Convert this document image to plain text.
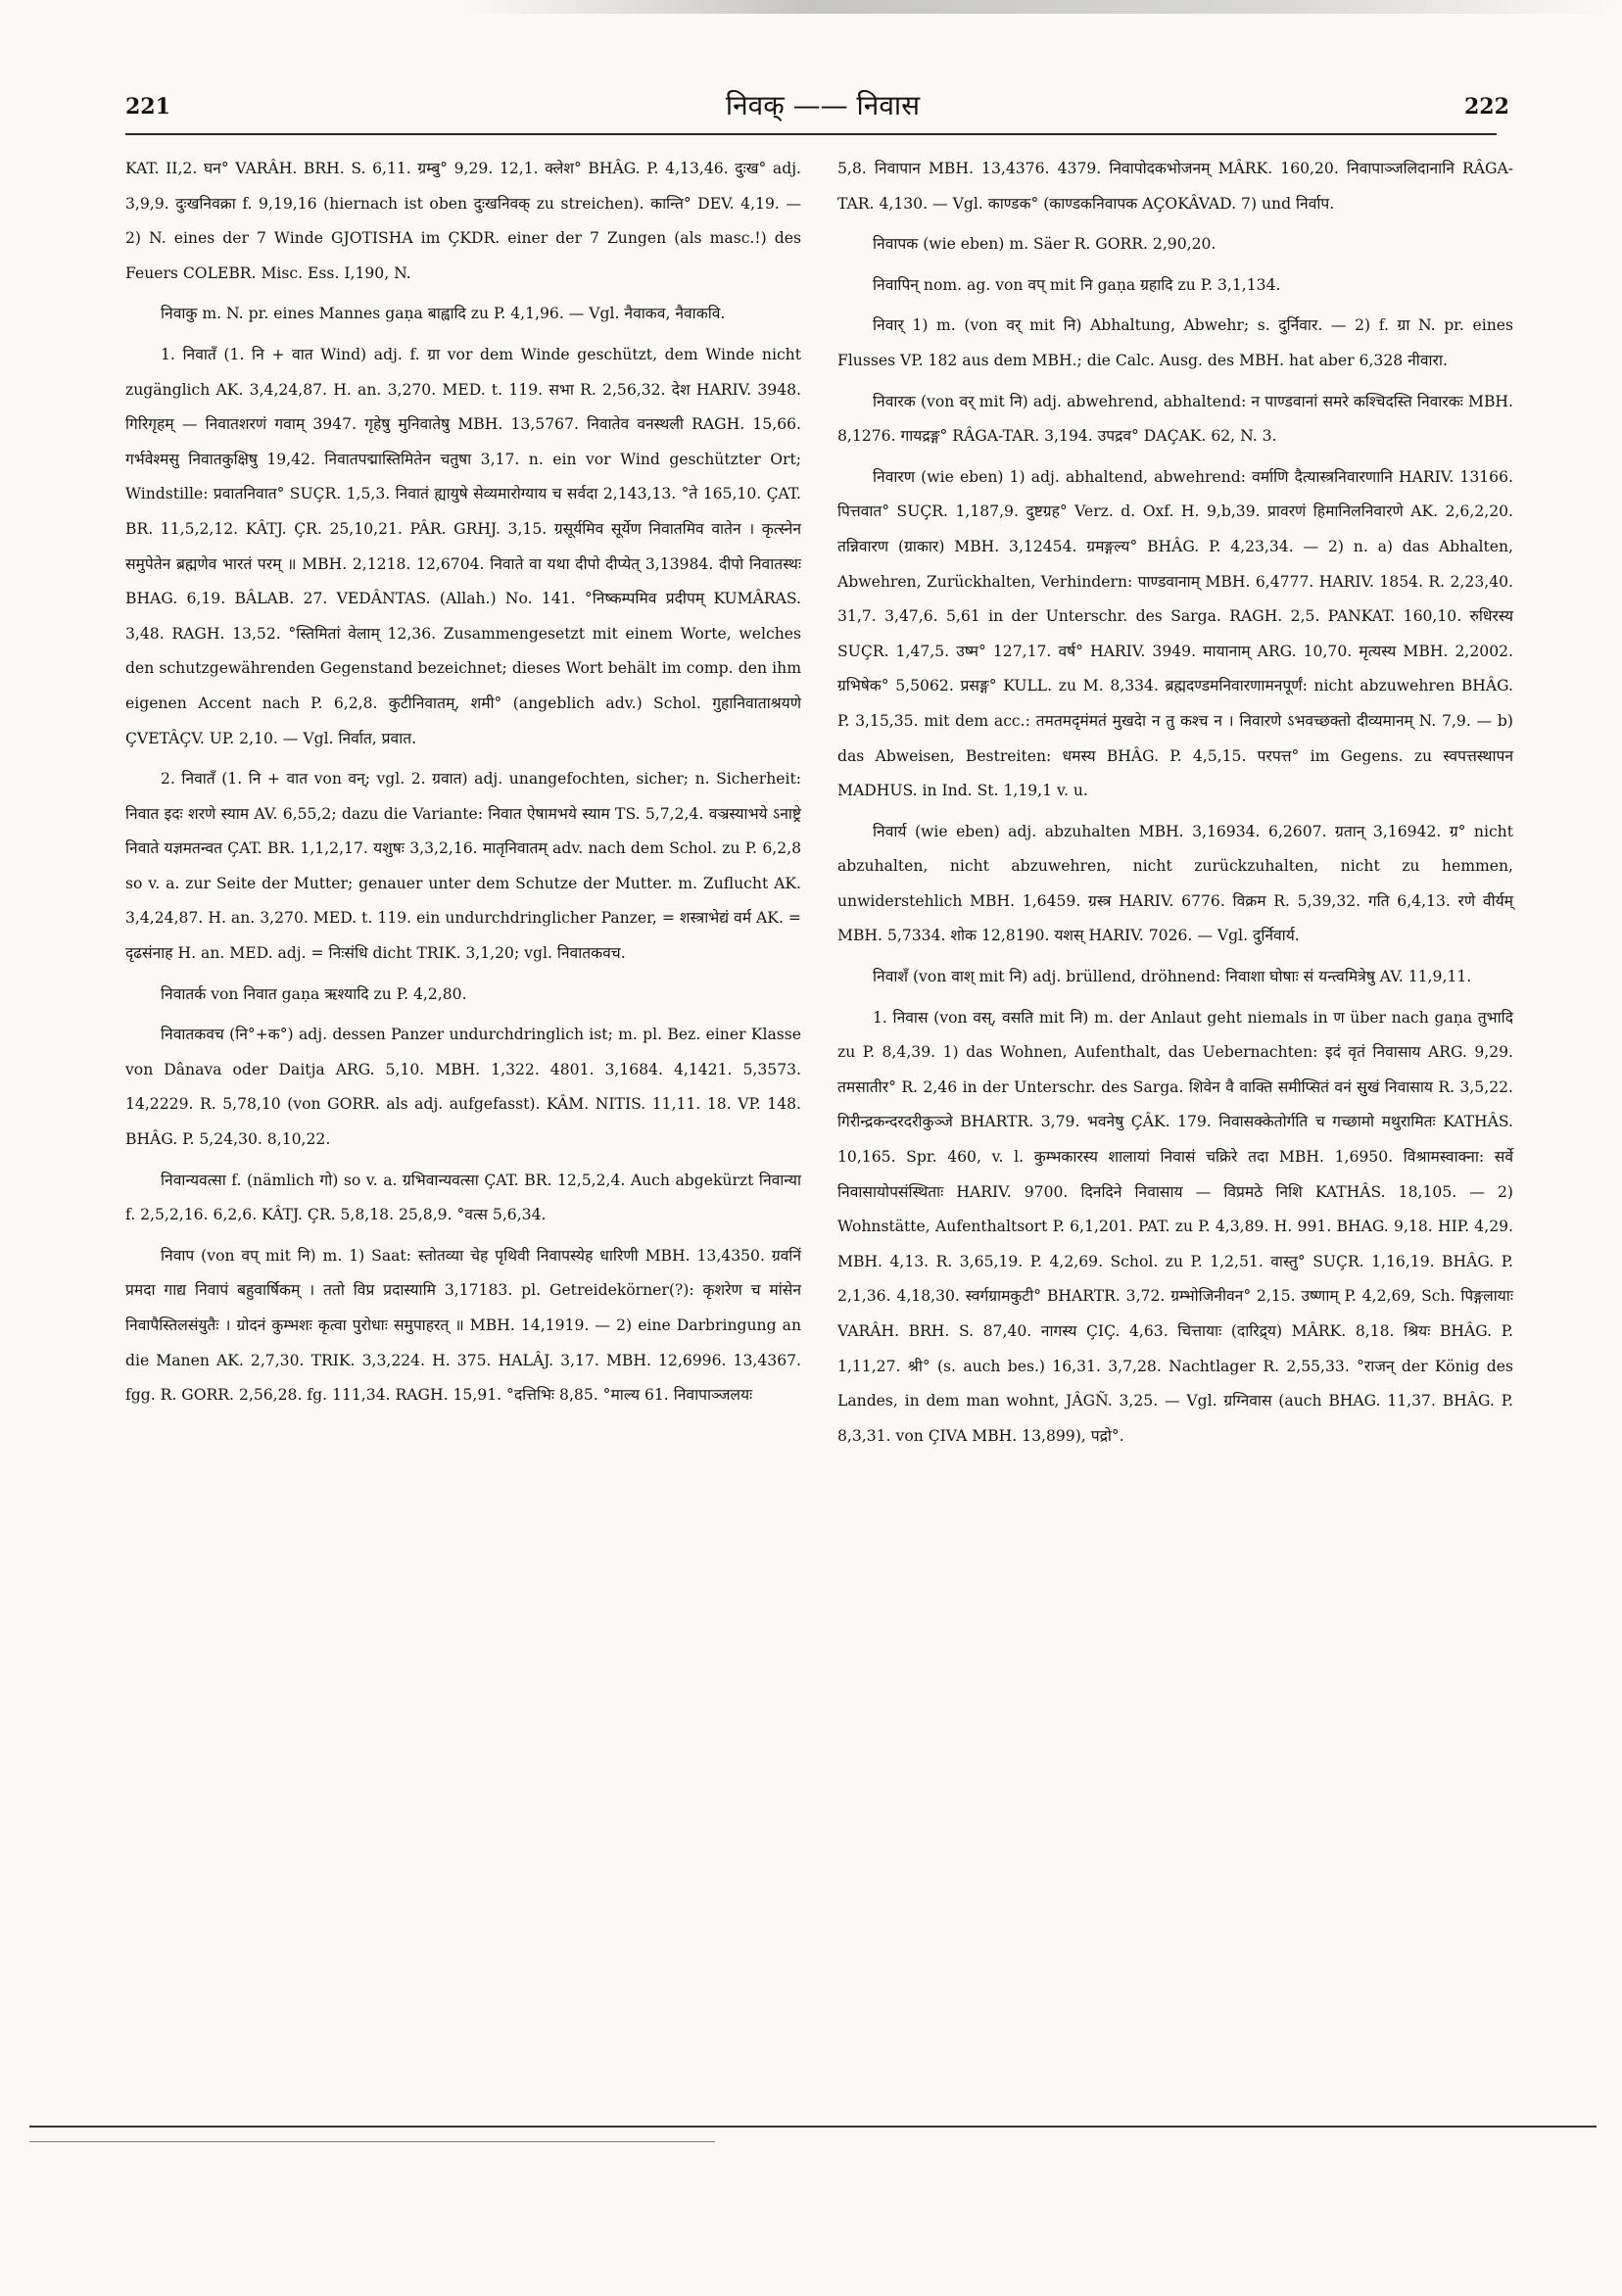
221	निवक् —— निवास	222

KAT. II,2. घन° VARÂH. BRH. S. 6,11. ग्रम्बु° 9,29. 12,1. क्लेश° BHÂG. P. 4,13,46. दुःख° adj. 3,9,9. दुःखनिवक्रा f. 9,19,16 (hiernach ist oben दुःखनिवक् zu streichen). कान्ति° DEV. 4,19. — 2) N. eines der 7 Winde GJOTISHA im ÇKDR. einer der 7 Zungen (als masc.!) des Feuers COLEBR. Misc. Ess. I,190, N.

निवाकु m. N. pr. eines Mannes gaṇa बाह्वादि zu P. 4,1,96. — Vgl. नैवाकव, नैवाकवि.

1. निवातँ (1. नि + वात Wind) adj. f. ग्रा vor dem Winde geschützt, dem Winde nicht zugänglich AK. 3,4,24,87. H. an. 3,270. MED. t. 119. सभा R. 2,56,32. देश HARIV. 3948. गिरिगृहम् — निवातशरणं गवाम् 3947. गृहेषु मुनिवातेषु MBH. 13,5767. निवातेव वनस्थली RAGH. 15,66. गर्भवेश्मसु निवातकुक्षिषु 19,42. निवातपद्मास्तिमितेन चतुषा 3,17. n. ein vor Wind geschützter Ort; Windstille: प्रवातनिवात° SUÇR. 1,5,3. निवातं ह्यायुषे सेव्यमारोग्याय च सर्वदा 2,143,13. °ते 165,10. ÇAT. BR. 11,5,2,12. KÂTJ. ÇR. 25,10,21. PÂR. GRHJ. 3,15. ग्रसूर्यमिव सूर्येण निवातमिव वातेन । कृत्स्नेन समुपेतेन ब्रह्मणेव भारतं परम् ॥ MBH. 2,1218. 12,6704. निवाते वा यथा दीपो दीप्येत् 3,13984. दीपो निवातस्थः BHAG. 6,19. BÂLAB. 27. VEDÂNTAS. (Allah.) No. 141. °निष्कम्पमिव प्रदीपम् KUMÂRAS. 3,48. RAGH. 13,52. °स्तिमितां वेलाम् 12,36. Zusammengesetzt mit einem Worte, welches den schutzgewährenden Gegenstand bezeichnet; dieses Wort behält im comp. den ihm eigenen Accent nach P. 6,2,8. कुटीनिवातम्, शमी° (angeblich adv.) Schol. गुहानिवाताश्रयणे ÇVETÂÇV. UP. 2,10. — Vgl. निर्वात, प्रवात.

2. निवातँ (1. नि + वात von वन्; vgl. 2. ग्रवात) adj. unangefochten, sicher; n. Sicherheit: निवात इदः शरणे स्याम AV. 6,55,2; dazu die Variante: निवात ऐषामभये स्याम TS. 5,7,2,4. वञ्रस्याभये ऽनाष्ट्रे निवाते यज्ञमतन्वत ÇAT. BR. 1,1,2,17. यशुषः 3,3,2,16. मातृनिवातम् adv. nach dem Schol. zu P. 6,2,8 so v. a. zur Seite der Mutter; genauer unter dem Schutze der Mutter. m. Zuflucht AK. 3,4,24,87. H. an. 3,270. MED. t. 119. ein undurchdringlicher Panzer, = शस्त्राभेद्यं वर्म AK. = दृढसंनाह H. an. MED. adj. = निःसंधि dicht TRIK. 3,1,20; vgl. निवातकवच.

निवातर्क von निवात gaṇa ऋश्यादि zu P. 4,2,80.

निवातकवच (नि°+क°) adj. dessen Panzer undurchdringlich ist; m. pl. Bez. einer Klasse von Dânava oder Daitja ARG. 5,10. MBH. 1,322. 4801. 3,1684. 4,1421. 5,3573. 14,2229. R. 5,78,10 (von GORR. als adj. aufgefasst). KÂM. NITIS. 11,11. 18. VP. 148. BHÂG. P. 5,24,30. 8,10,22.

निवान्यवत्सा f. (nämlich गो) so v. a. ग्रभिवान्यवत्सा ÇAT. BR. 12,5,2,4. Auch abgekürzt निवान्या f. 2,5,2,16. 6,2,6. KÂTJ. ÇR. 5,8,18. 25,8,9. °वत्स 5,6,34.

निवाप (von वप् mit नि) m. 1) Saat: स्तोतव्या चेह पृथिवी निवापस्येह धारिणी MBH. 13,4350. ग्रवनिं प्रमदा गाद्य निवापं बहुवार्षिकम् । ततो विप्र प्रदास्यामि 3,17183. pl. Getreidekörner(?): कृशरेण च मांसेन निवापैस्तिलसंयुतैः । ग्रोदनं कुम्भशः कृत्वा पुरोधाः समुपाहरत् ॥ MBH. 14,1919. — 2) eine Darbringung an die Manen AK. 2,7,30. TRIK. 3,3,224. H. 375. HALÂJ. 3,17. MBH. 12,6996. 13,4367. fgg. R. GORR. 2,56,28. fg. 111,34. RAGH. 15,91. °दत्तिभिः 8,85. °माल्य 61. निवापाञ्जलयः

5,8. निवापान MBH. 13,4376. 4379. निवापोदकभोजनम् MÂRK. 160,20. निवापाञ्जलिदानानि RÂGA-TAR. 4,130. — Vgl. काण्डक° (काण्डकनिवापक AÇOKÂVAD. 7) und निर्वाप.

निवापक (wie eben) m. Säer R. GORR. 2,90,20.

निवापिन् nom. ag. von वप् mit नि gaṇa ग्रहादि zu P. 3,1,134.

निवार् 1) m. (von वर् mit नि) Abhaltung, Abwehr; s. दुर्निवार. — 2) f. ग्रा N. pr. eines Flusses VP. 182 aus dem MBH.; die Calc. Ausg. des MBH. hat aber 6,328 नीवारा.

निवारक (von वर् mit नि) adj. abwehrend, abhaltend: न पाण्डवानां समरे कश्चिदस्ति निवारकः MBH. 8,1276. गायद्रङ्ग° RÂGA-TAR. 3,194. उपद्रव° DAÇAK. 62, N. 3.

निवारण (wie eben) 1) adj. abhaltend, abwehrend: वर्माणि दैत्यास्त्रनिवारणानि HARIV. 13166. पित्तवात° SUÇR. 1,187,9. दुष्टग्रह° Verz. d. Oxf. H. 9,b,39. प्रावरणं हिमानिलनिवारणे AK. 2,6,2,20. तन्निवारण (ग्राकार) MBH. 3,12454. ग्रमङ्गल्य° BHÂG. P. 4,23,34. — 2) n. a) das Abhalten, Abwehren, Zurückhalten, Verhindern: पाण्डवानाम् MBH. 6,4777. HARIV. 1854. R. 2,23,40. 31,7. 3,47,6. 5,61 in der Unterschr. des Sarga. RAGH. 2,5. PANKAT. 160,10. रुधिरस्य SUÇR. 1,47,5. उष्म° 127,17. वर्ष° HARIV. 3949. मायानाम् ARG. 10,70. मृत्यस्य MBH. 2,2002. ग्रभिषेक° 5,5062. प्रसङ्ग° KULL. zu M. 8,334. ब्रह्मदण्डमनिवारणामनपूर्णं: nicht abzuwehren BHÂG. P. 3,15,35. mit dem acc.: तमतमदृमंमतं मुखदेा न तु कश्च न । निवारणे ऽभवच्छक्तो दीव्यमानम् N. 7,9. — b) das Abweisen, Bestreiten: धमस्य BHÂG. P. 4,5,15. परपत्त° im Gegens. zu स्वपत्तस्थापन MADHUS. in Ind. St. 1,19,1 v. u.

निवार्य (wie eben) adj. abzuhalten MBH. 3,16934. 6,2607. ग्रतान् 3,16942. ग्र° nicht abzuhalten, nicht abzuwehren, nicht zurückzuhalten, nicht zu hemmen, unwiderstehlich MBH. 1,6459. ग्रस्त्र HARIV. 6776. विक्रम R. 5,39,32. गति 6,4,13. रणे वीर्यम् MBH. 5,7334. शोक 12,8190. यशस् HARIV. 7026. — Vgl. दुर्निवार्य.

निवाशँ (von वाश् mit नि) adj. brüllend, dröhnend: निवाशा घोषाः सं यन्त्वमित्रेषु AV. 11,9,11.

1. निवास (von वस्, वसति mit नि) m. der Anlaut geht niemals in ण über nach gaṇa तुभादि zu P. 8,4,39. 1) das Wohnen, Aufenthalt, das Uebernachten: इदं वृतं निवासाय ARG. 9,29. तमसातीर° R. 2,46 in der Unterschr. des Sarga. शिवेन वै वाक्ति समीप्सितं वनं सुखं निवासाय R. 3,5,22. गिरीन्द्रकन्दरदरीकुञ्जे BHARTR. 3,79. भवनेषु ÇÂK. 179. निवासक्केतोर्गति च गच्छामो मथुरामितः KATHÂS. 10,165. Spr. 460, v. l. कुम्भकारस्य शालायां निवासं चक्रिरे तदा MBH. 1,6950. विश्रामस्वाक्ना: सर्वे निवासायोपसंस्थिताः HARIV. 9700. दिनदिने निवासाय — विप्रमठे निशि KATHÂS. 18,105. — 2) Wohnstätte, Aufenthaltsort P. 6,1,201. PAT. zu P. 4,3,89. H. 991. BHAG. 9,18. HIP. 4,29. MBH. 4,13. R. 3,65,19. P. 4,2,69. Schol. zu P. 1,2,51. वास्तु° SUÇR. 1,16,19. BHÂG. P. 2,1,36. 4,18,30. स्वर्गग्रामकुटी° BHARTR. 3,72. ग्रम्भोजिनीवन° 2,15. उष्णाम् P. 4,2,69, Sch. पिङ्गलायाः VARÂH. BRH. S. 87,40. नागस्य ÇIÇ. 4,63. चित्तायाः (दारिद्र्य) MÂRK. 8,18. श्रियः BHÂG. P. 1,11,27. श्री° (s. auch bes.) 16,31. 3,7,28. Nachtlager R. 2,55,33. °राजन् der König des Landes, in dem man wohnt, JÂGÑ. 3,25. — Vgl. ग्रग्निवास (auch BHAG. 11,37. BHÂG. P. 8,3,31. von ÇIVA MBH. 13,899), पद्रो°.
